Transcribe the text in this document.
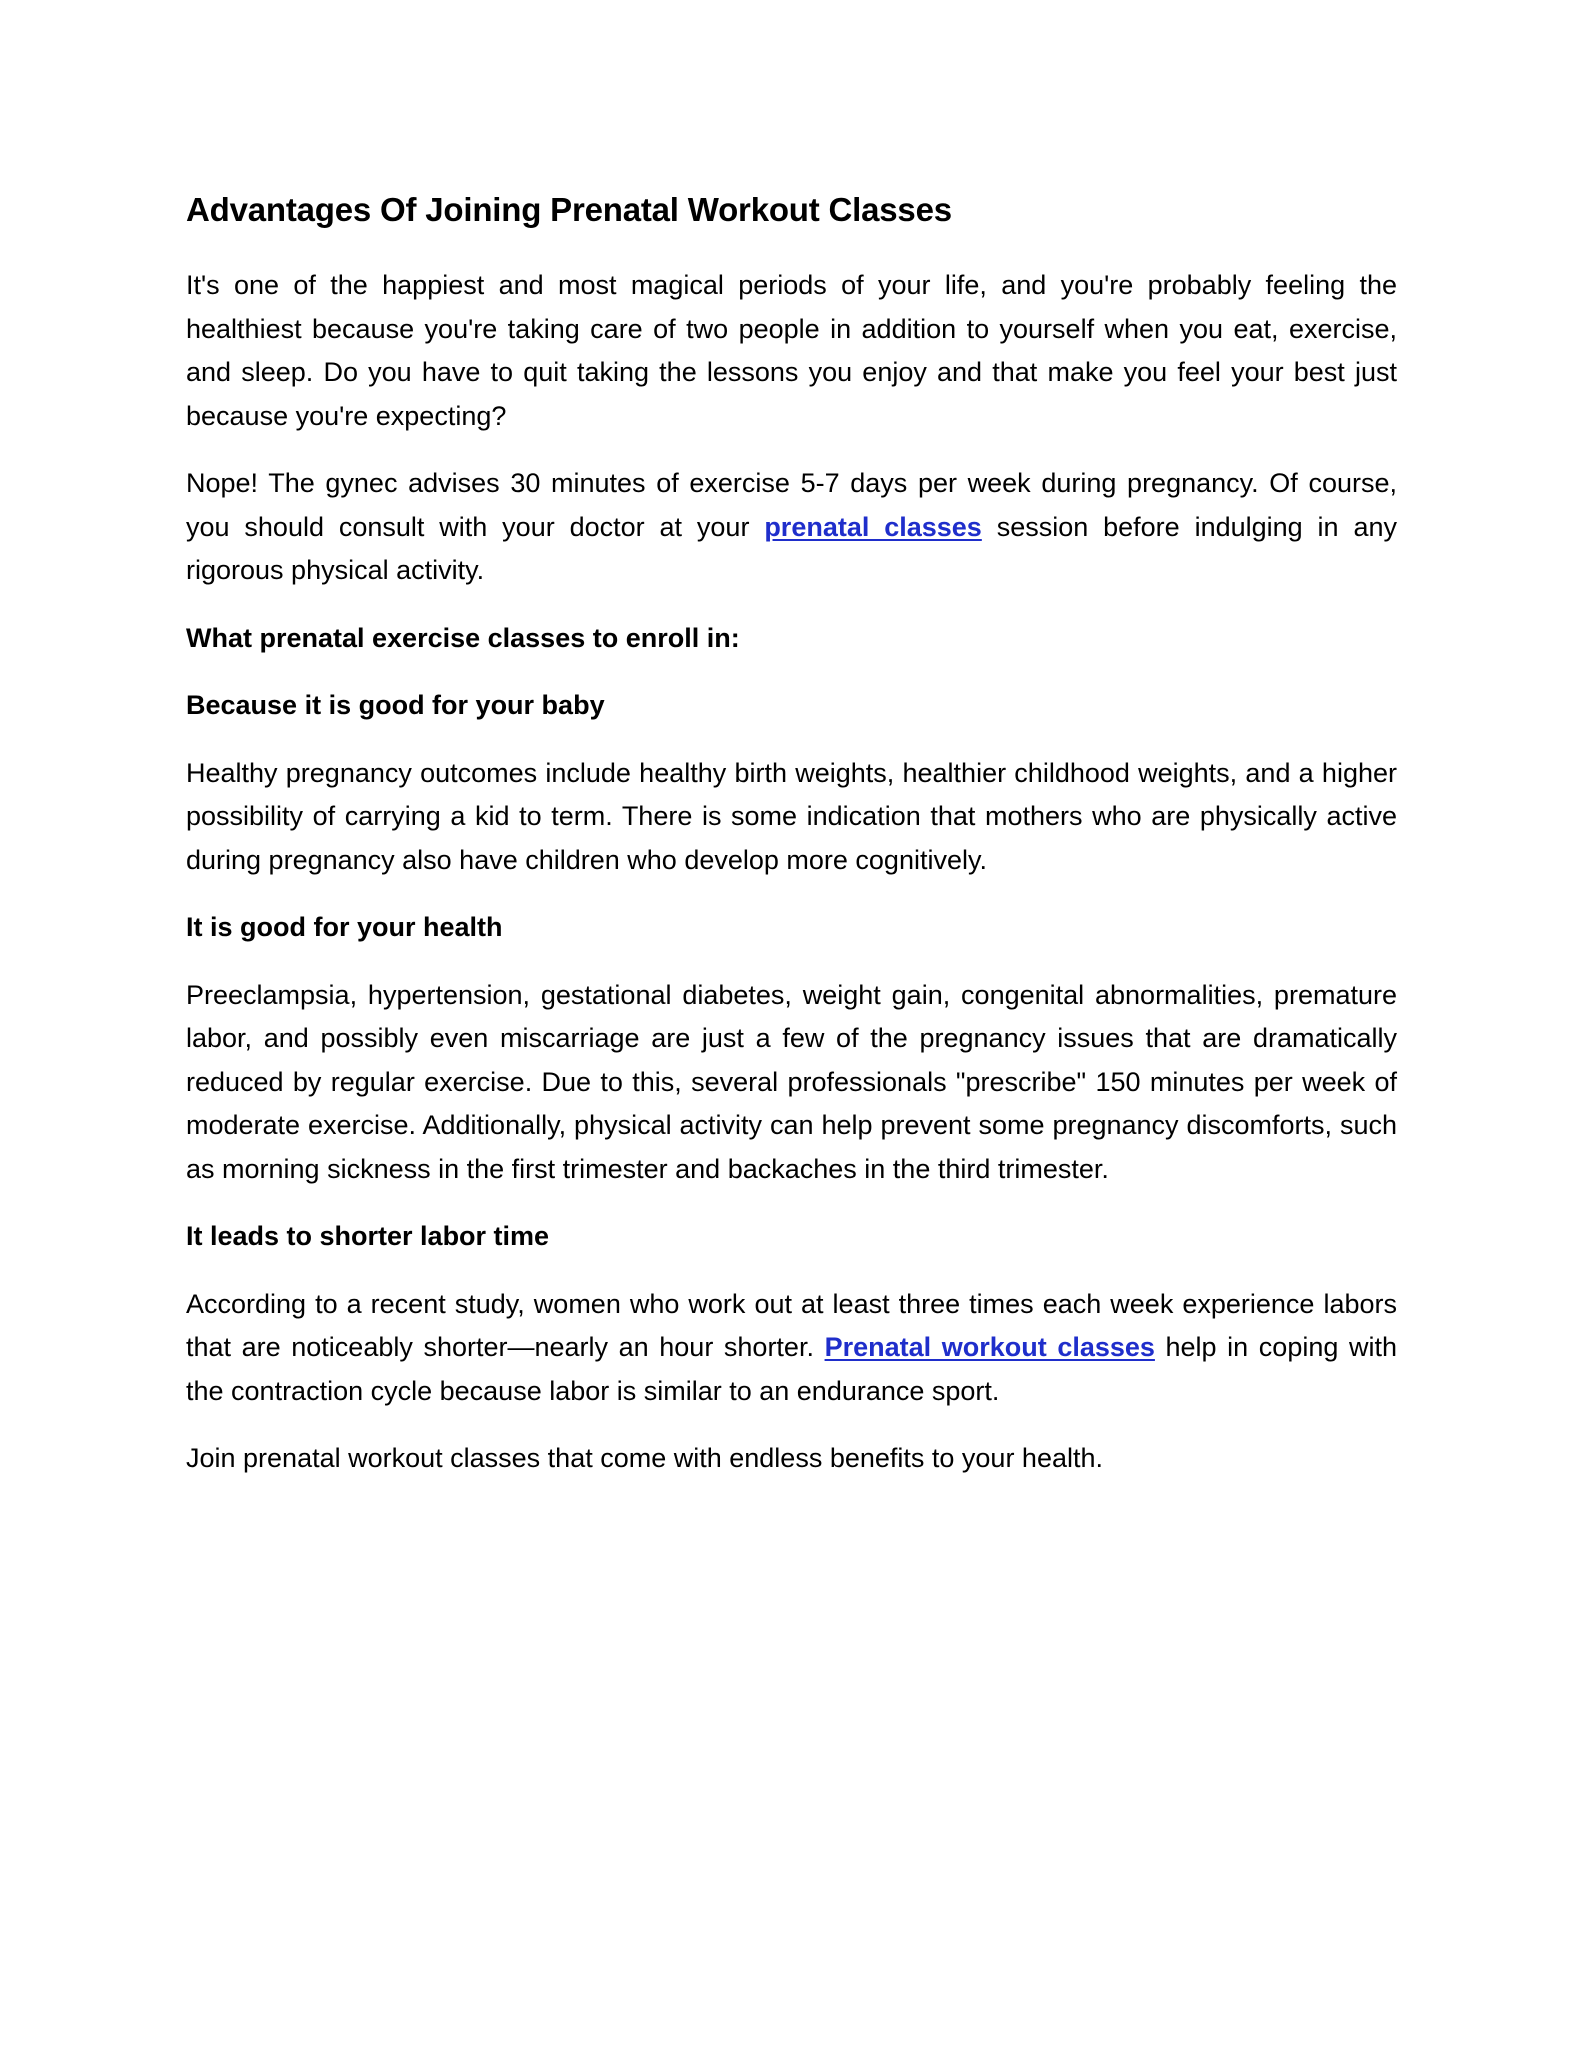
Advantages Of Joining Prenatal Workout Classes

It's one of the happiest and most magical periods of your life, and you're probably feeling the healthiest because you're taking care of two people in addition to yourself when you eat, exercise, and sleep. Do you have to quit taking the lessons you enjoy and that make you feel your best just because you're expecting?

Nope! The gynec advises 30 minutes of exercise 5-7 days per week during pregnancy. Of course, you should consult with your doctor at your prenatal classes session before indulging in any rigorous physical activity.

What prenatal exercise classes to enroll in:

Because it is good for your baby

Healthy pregnancy outcomes include healthy birth weights, healthier childhood weights, and a higher possibility of carrying a kid to term. There is some indication that mothers who are physically active during pregnancy also have children who develop more cognitively.

It is good for your health

Preeclampsia, hypertension, gestational diabetes, weight gain, congenital abnormalities, premature labor, and possibly even miscarriage are just a few of the pregnancy issues that are dramatically reduced by regular exercise. Due to this, several professionals "prescribe" 150 minutes per week of moderate exercise. Additionally, physical activity can help prevent some pregnancy discomforts, such as morning sickness in the first trimester and backaches in the third trimester.

It leads to shorter labor time

According to a recent study, women who work out at least three times each week experience labors that are noticeably shorter—nearly an hour shorter. Prenatal workout classes help in coping with the contraction cycle because labor is similar to an endurance sport.

Join prenatal workout classes that come with endless benefits to your health.
